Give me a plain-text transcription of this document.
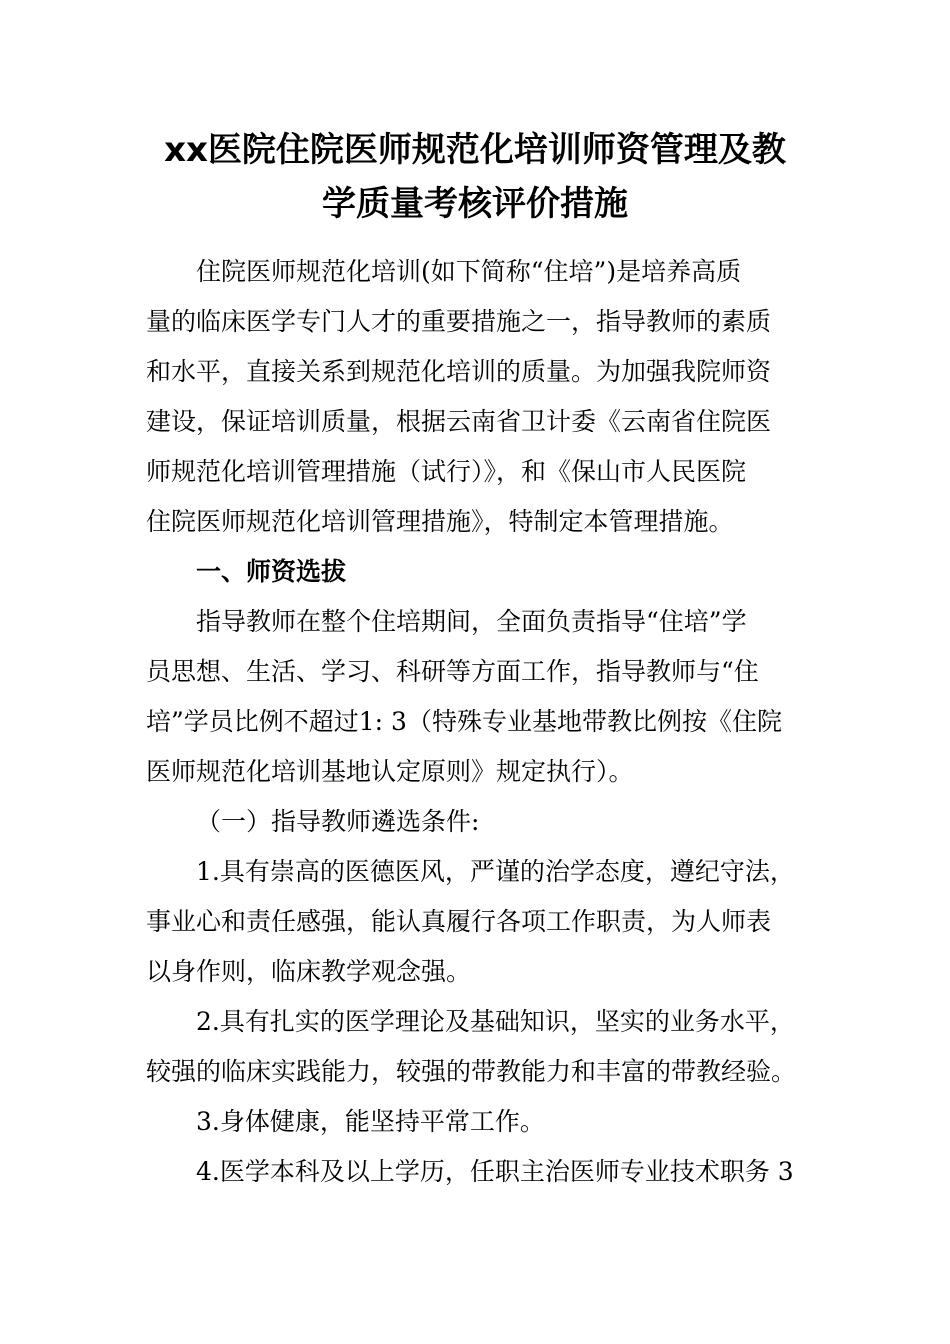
xx医院住院医师规范化培训师资管理及教
学质量考核评价措施
住院医师规范化培训(如下简称“住培”)是培养高质
量的临床医学专门人才的重要措施之一，指导教师的素质
和水平，直接关系到规范化培训的质量。为加强我院师资
建设，保证培训质量，根据云南省卫计委《云南省住院医
师规范化培训管理措施（试行）》，和《保山市人民医院
住院医师规范化培训管理措施》，特制定本管理措施。
一、师资选拔
指导教师在整个住培期间，全面负责指导“住培”学
员思想、生活、学习、科研等方面工作，指导教师与“住
培”学员比例不超过1: 3（特殊专业基地带教比例按《住院
医师规范化培训基地认定原则》规定执行）。
（一）指导教师遴选条件:
1.具有崇高的医德医风，严谨的治学态度，遵纪守法，
事业心和责任感强，能认真履行各项工作职责，为人师表
以身作则，临床教学观念强。
2.具有扎实的医学理论及基础知识，坚实的业务水平，
较强的临床实践能力，较强的带教能力和丰富的带教经验。
3.身体健康，能坚持平常工作。
4.医学本科及以上学历，任职主治医师专业技术职务 3
